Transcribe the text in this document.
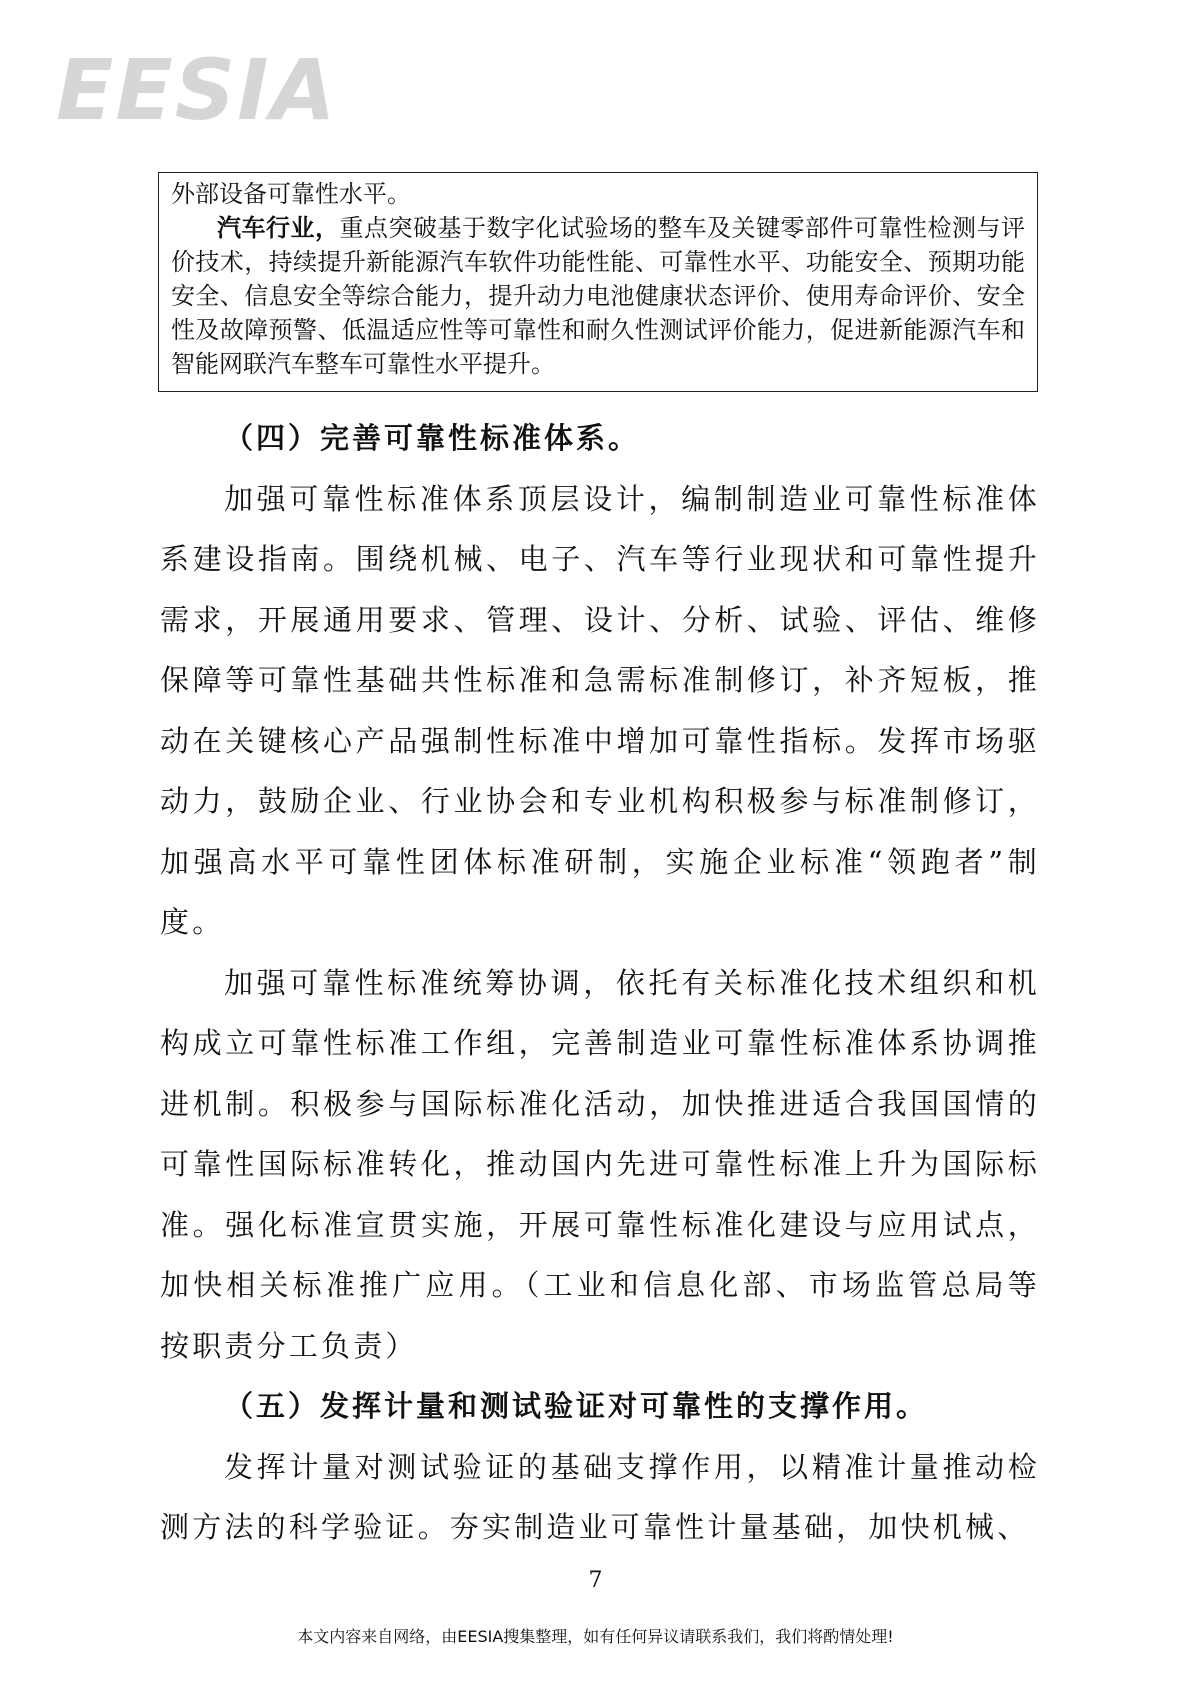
EESIA

外部设备可靠性水平。

汽车行业，重点突破基于数字化试验场的整车及关键零部件可靠性检测与评价技术，持续提升新能源汽车软件功能性能、可靠性水平、功能安全、预期功能安全、信息安全等综合能力，提升动力电池健康状态评价、使用寿命评价、安全性及故障预警、低温适应性等可靠性和耐久性测试评价能力，促进新能源汽车和智能网联汽车整车可靠性水平提升。

（四）完善可靠性标准体系。

加强可靠性标准体系顶层设计，编制制造业可靠性标准体系建设指南。围绕机械、电子、汽车等行业现状和可靠性提升需求，开展通用要求、管理、设计、分析、试验、评估、维修保障等可靠性基础共性标准和急需标准制修订，补齐短板，推动在关键核心产品强制性标准中增加可靠性指标。发挥市场驱动力，鼓励企业、行业协会和专业机构积极参与标准制修订，加强高水平可靠性团体标准研制，实施企业标准“领跑者”制度。

加强可靠性标准统筹协调，依托有关标准化技术组织和机构成立可靠性标准工作组，完善制造业可靠性标准体系协调推进机制。积极参与国际标准化活动，加快推进适合我国国情的可靠性国际标准转化，推动国内先进可靠性标准上升为国际标准。强化标准宣贯实施，开展可靠性标准化建设与应用试点，加快相关标准推广应用。（工业和信息化部、市场监管总局等按职责分工负责）

（五）发挥计量和测试验证对可靠性的支撑作用。

发挥计量对测试验证的基础支撑作用，以精准计量推动检测方法的科学验证。夯实制造业可靠性计量基础，加快机械、

7
本文内容来自网络，由EESIA搜集整理，如有任何异议请联系我们，我们将酌情处理!
